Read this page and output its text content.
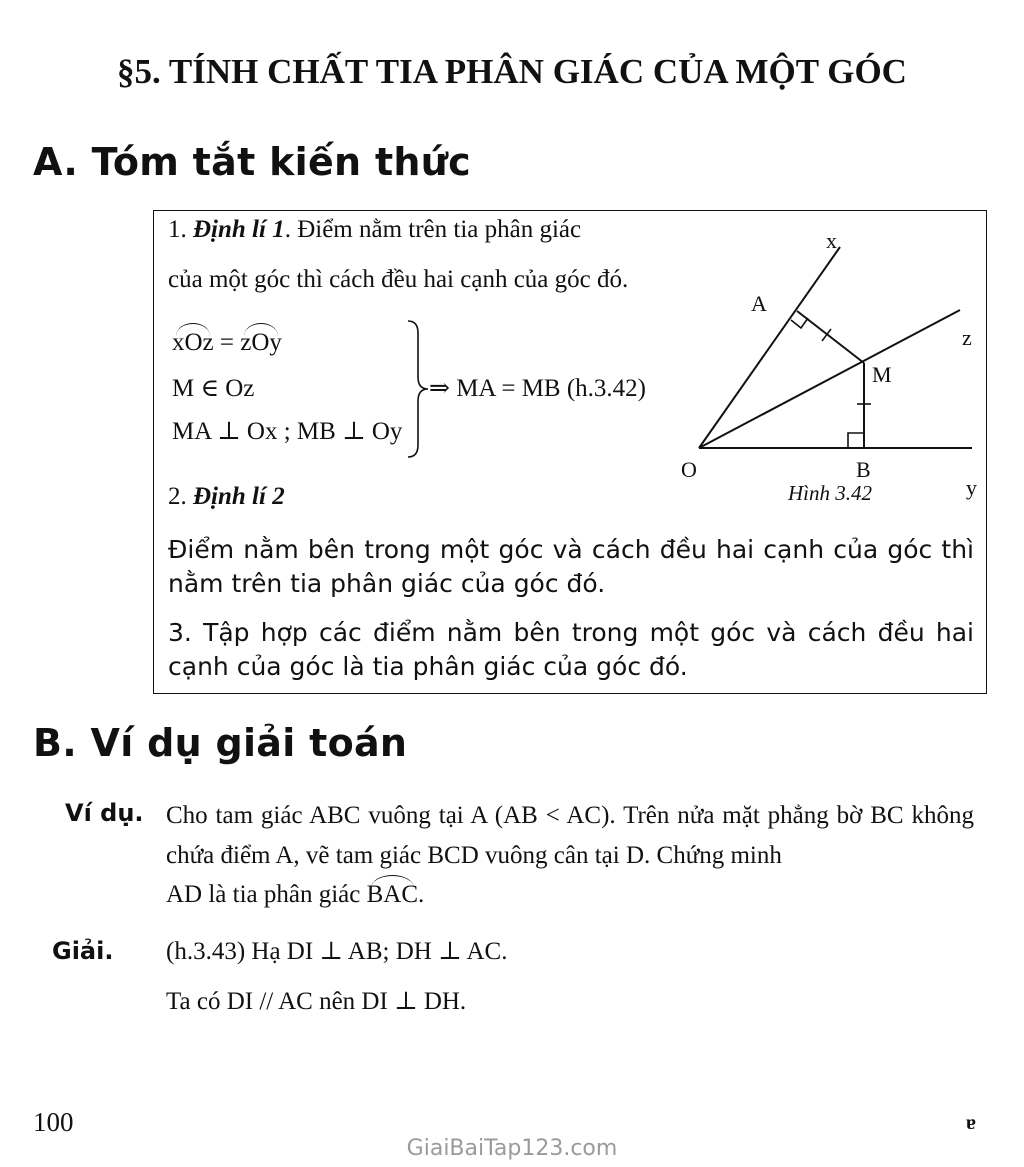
§5. TÍNH CHẤT TIA PHÂN GIÁC CỦA MỘT GÓC
A. Tóm tắt kiến thức
1. Định lí 1. Điểm nằm trên tia phân giác
của một góc thì cách đều hai cạnh của góc đó.
xOz = zOy
M ∈ Oz
MA ⊥ Ox ; MB ⊥ Oy
⇒ MA = MB (h.3.42)
x
z
A
M
O	B
y
Hình 3.42
2. Định lí 2
Điểm nằm bên trong một góc và cách đều hai cạnh của góc thì nằm trên tia phân giác của góc đó.
3. Tập hợp các điểm nằm bên trong một góc và cách đều hai cạnh của góc là tia phân giác của góc đó.
B. Ví dụ giải toán
Ví dụ. Cho tam giác ABC vuông tại A (AB < AC). Trên nửa mặt phẳng bờ BC không chứa điểm A, vẽ tam giác BCD vuông cân tại D. Chứng minh
AD là tia phân giác BAC.
Giải. (h.3.43) Hạ DI ⊥ AB; DH ⊥ AC.
Ta có DI // AC nên DI ⊥ DH.
100	ɐ
GiaiBaiTap123.com
